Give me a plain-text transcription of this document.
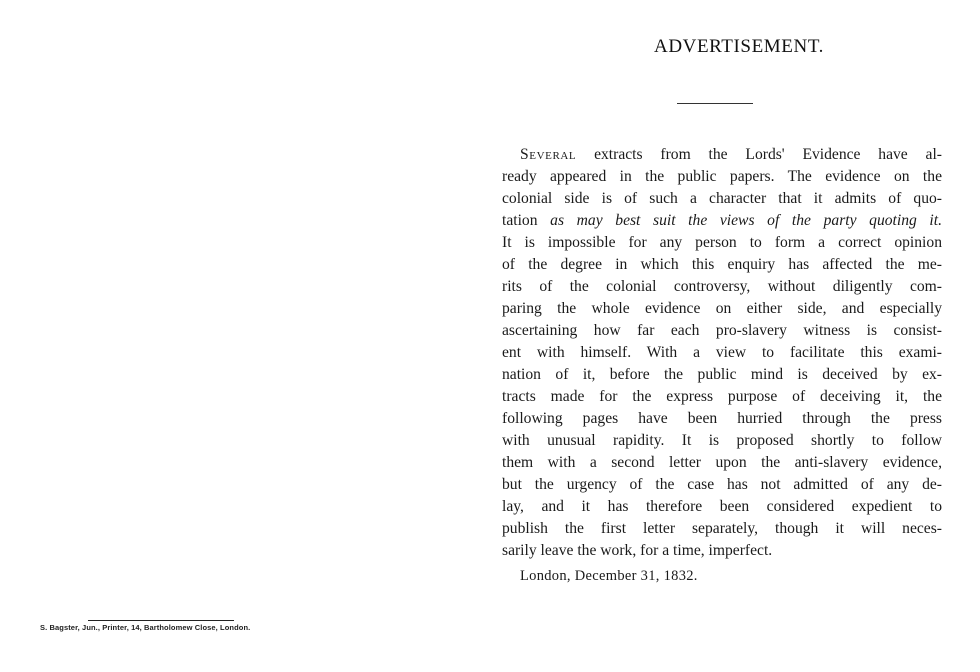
S. Bagster, Jun., Printer, 14, Bartholomew Close, London.
ADVERTISEMENT.
Several extracts from the Lords' Evidence have al-
ready appeared in the public papers. The evidence on the
colonial side is of such a character that it admits of quo-
tation as may best suit the views of the party quoting it.
It is impossible for any person to form a correct opinion
of the degree in which this enquiry has affected the me-
rits of the colonial controversy, without diligently com-
paring the whole evidence on either side, and especially
ascertaining how far each pro-slavery witness is consist-
ent with himself. With a view to facilitate this exami-
nation of it, before the public mind is deceived by ex-
tracts made for the express purpose of deceiving it, the
following pages have been hurried through the press
with unusual rapidity. It is proposed shortly to follow
them with a second letter upon the anti-slavery evidence,
but the urgency of the case has not admitted of any de-
lay, and it has therefore been considered expedient to
publish the first letter separately, though it will neces-
sarily leave the work, for a time, imperfect.
London, December 31, 1832.
